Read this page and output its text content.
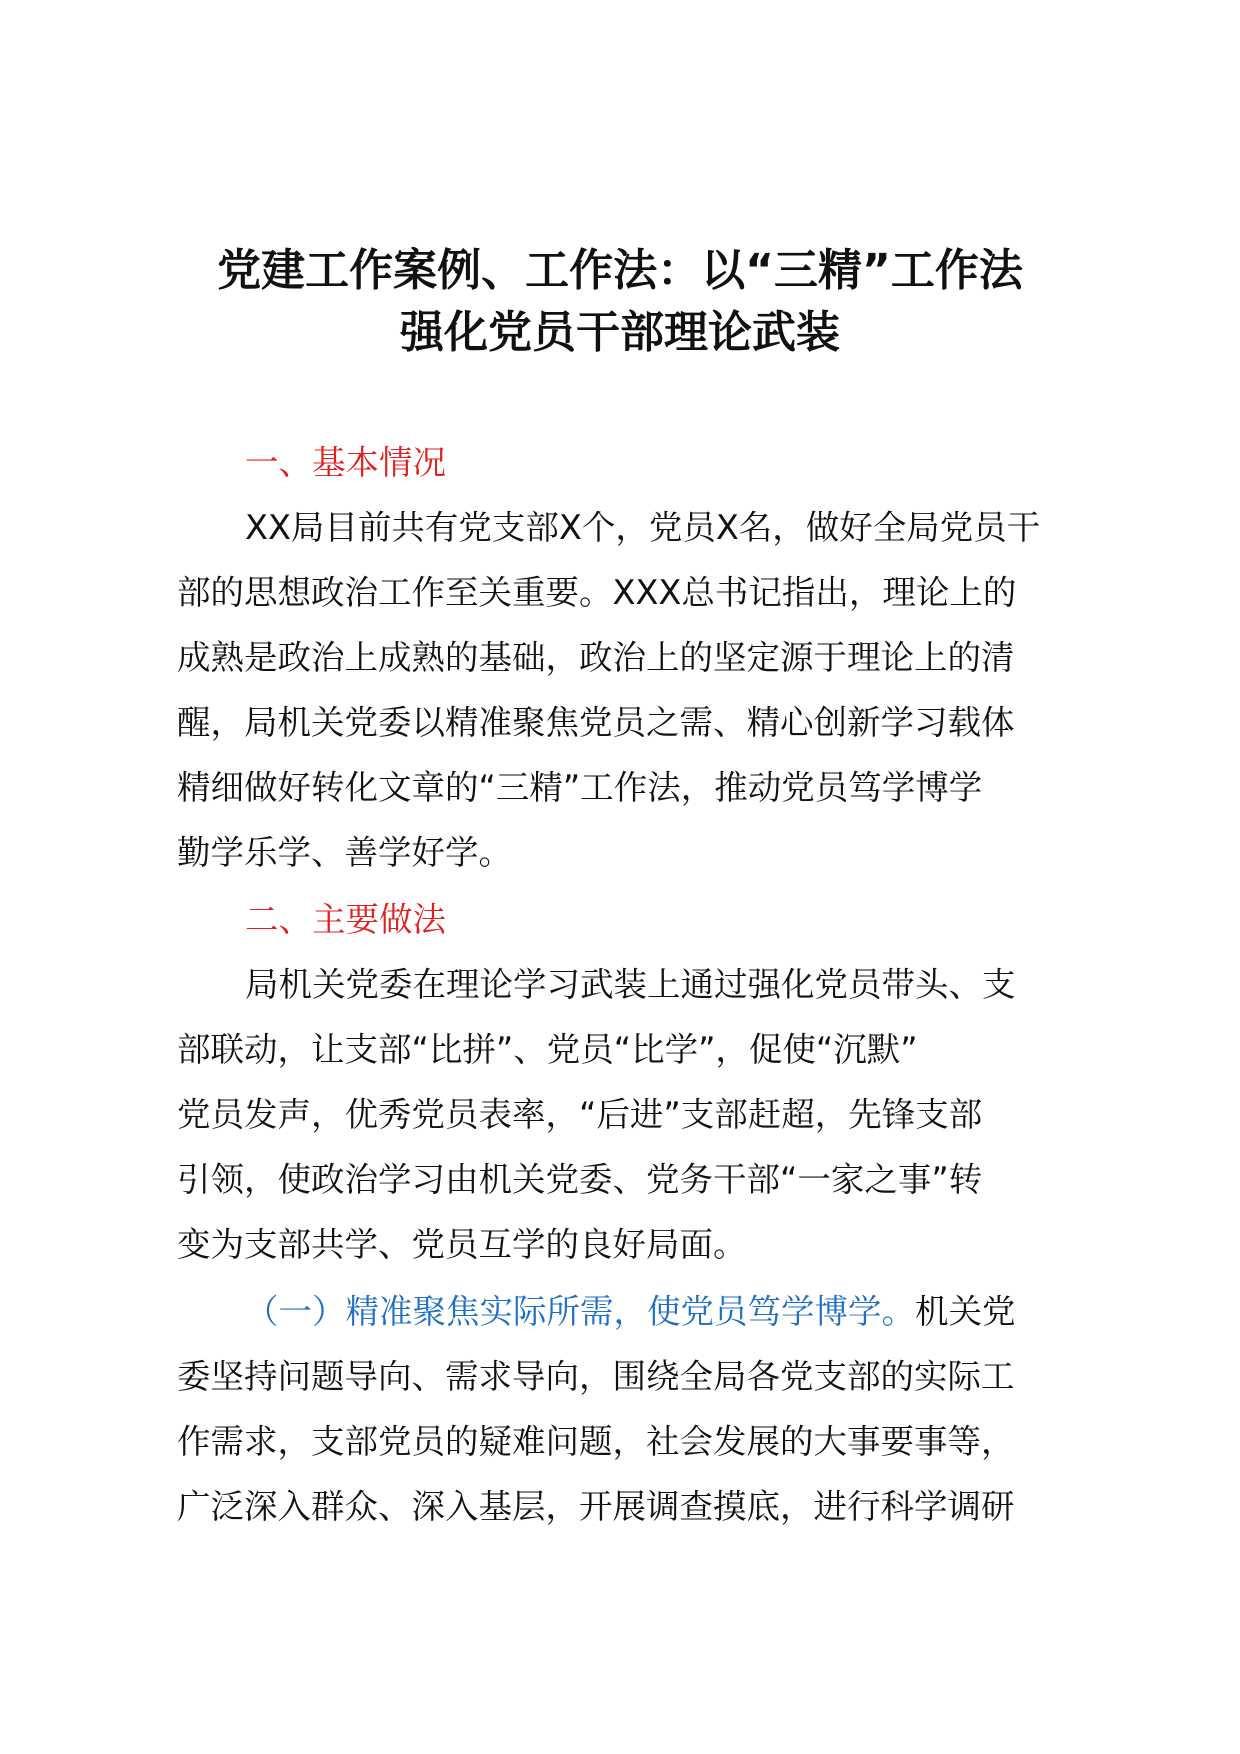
党建工作案例、工作法：以“三精”工作法
强化党员干部理论武装
一、基本情况
XX局目前共有党支部X个，党员X名，做好全局党员干
部的思想政治工作至关重要。XXX总书记指出，理论上的
成熟是政治上成熟的基础，政治上的坚定源于理论上的清
醒，局机关党委以精准聚焦党员之需、精心创新学习载体
精细做好转化文章的“三精”工作法，推动党员笃学博学
勤学乐学、善学好学。
二、主要做法
局机关党委在理论学习武装上通过强化党员带头、支
部联动，让支部“比拼”、党员“比学”，促使“沉默”
党员发声，优秀党员表率，“后进”支部赶超，先锋支部
引领，使政治学习由机关党委、党务干部“一家之事”转
变为支部共学、党员互学的良好局面。
（一）精准聚焦实际所需，使党员笃学博学。机关党
委坚持问题导向、需求导向，围绕全局各党支部的实际工
作需求，支部党员的疑难问题，社会发展的大事要事等，
广泛深入群众、深入基层，开展调查摸底，进行科学调研
